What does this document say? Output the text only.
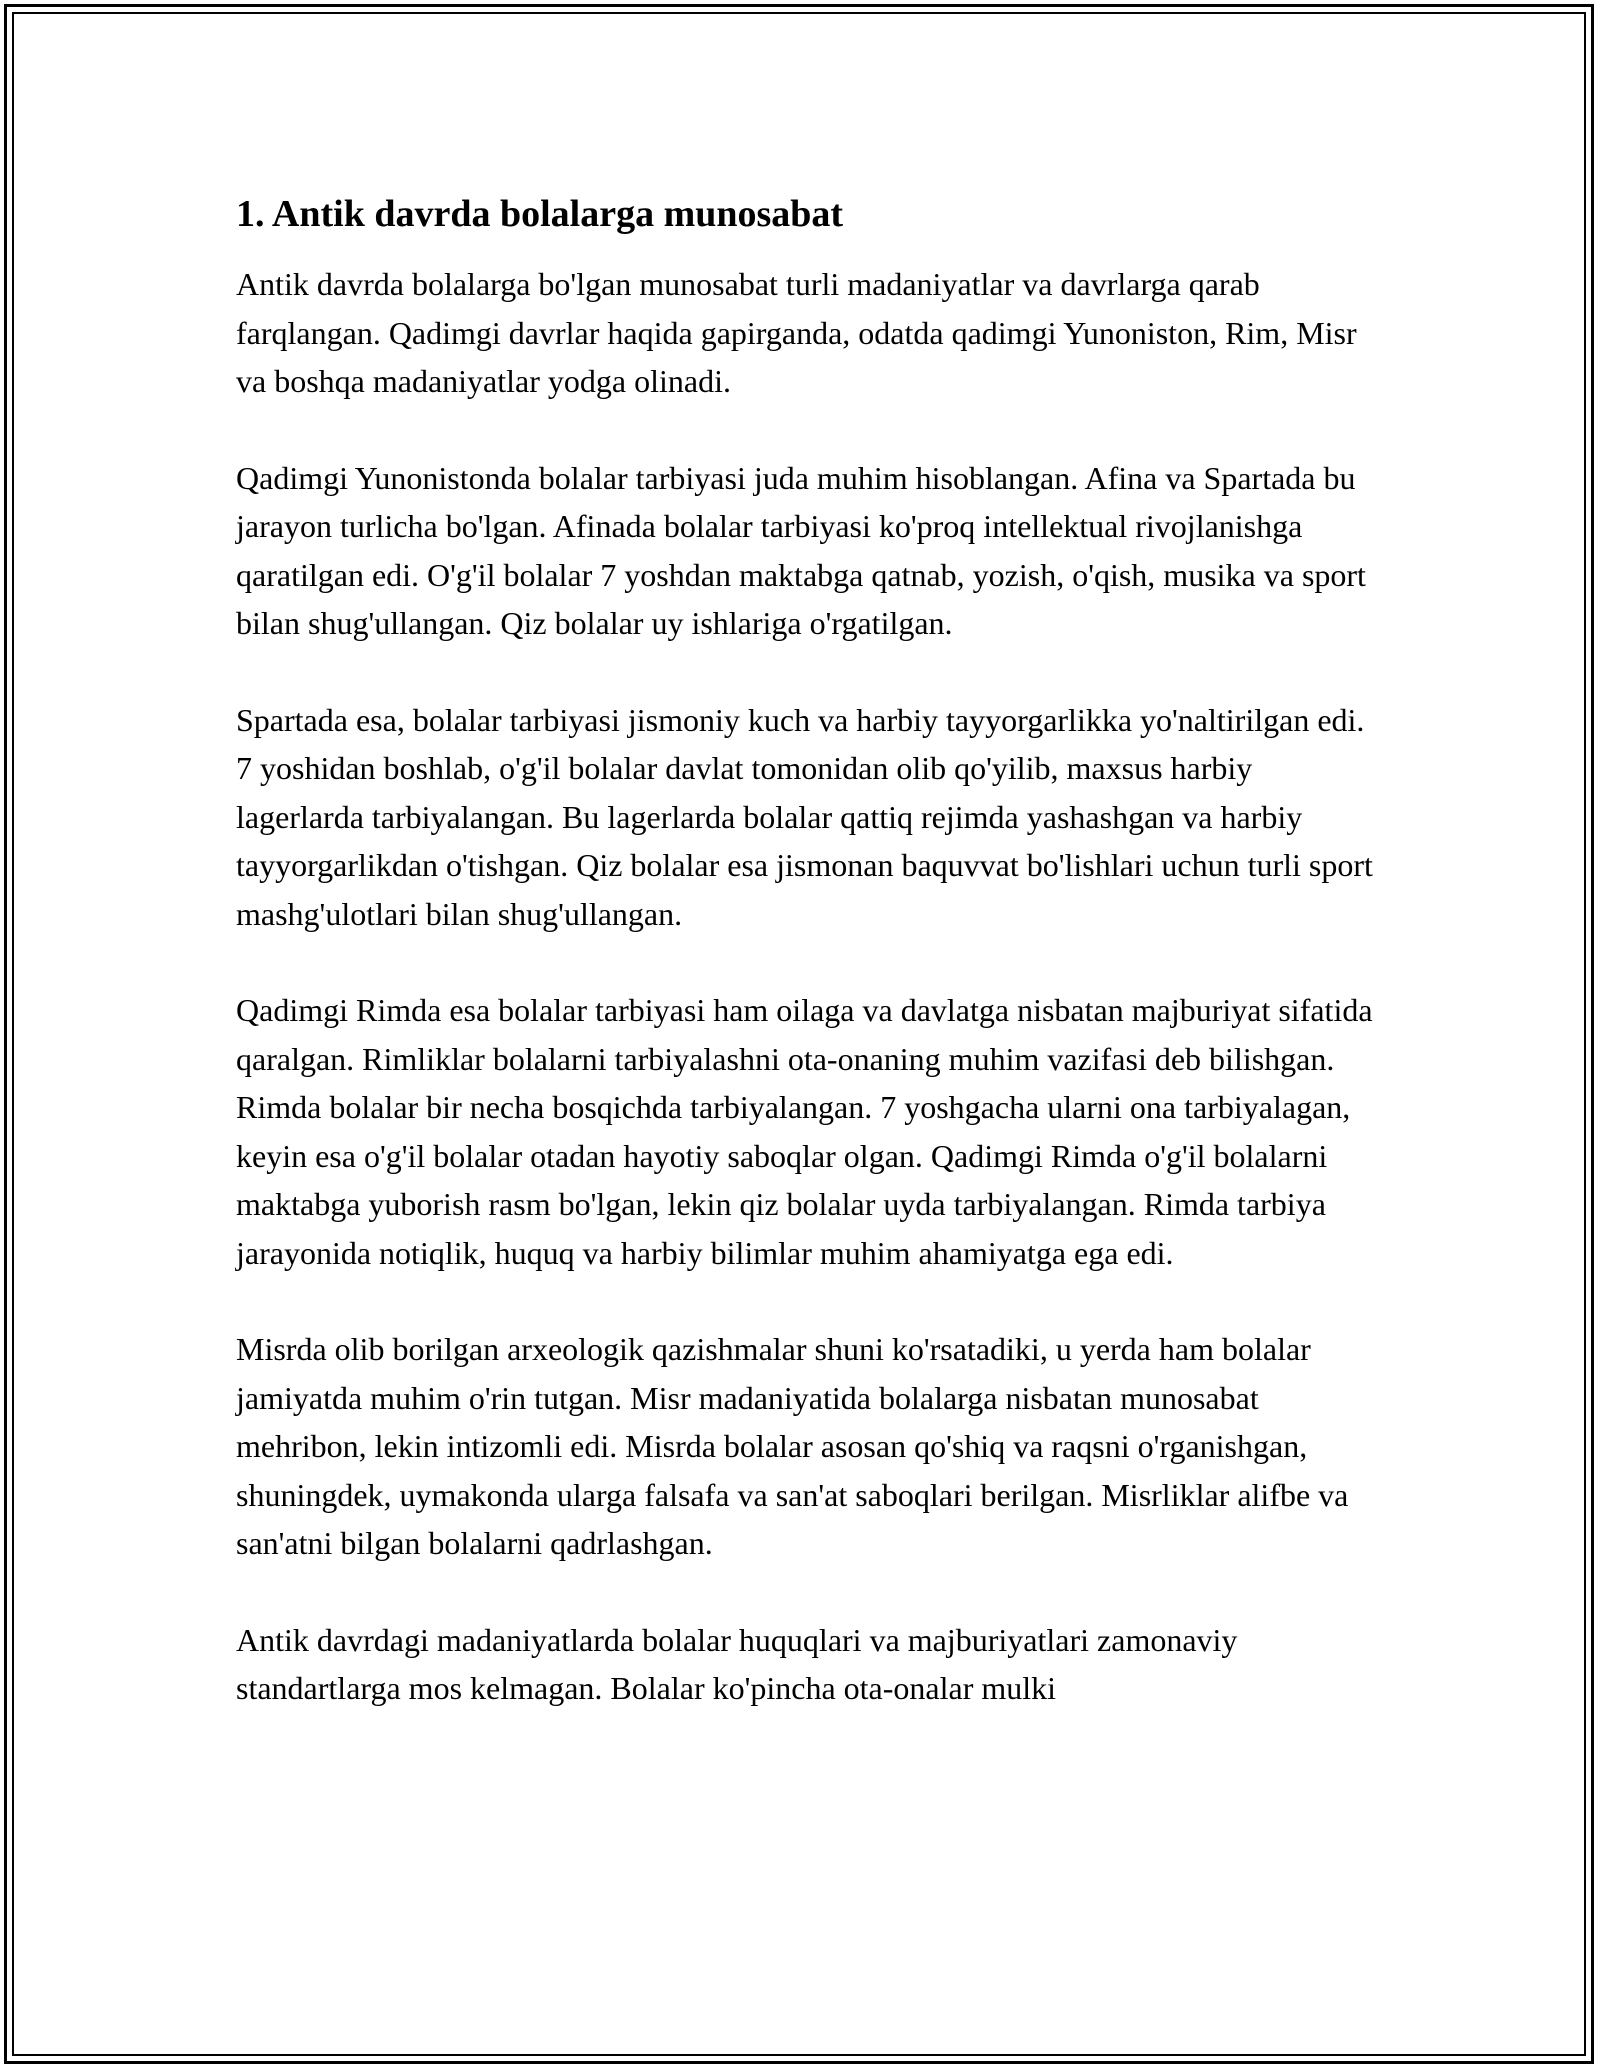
1. Antik davrda bolalarga munosabat

Antik davrda bolalarga bo'lgan munosabat turli madaniyatlar va davrlarga qarab farqlangan. Qadimgi davrlar haqida gapirganda, odatda qadimgi Yunoniston, Rim, Misr va boshqa madaniyatlar yodga olinadi.

Qadimgi Yunonistonda bolalar tarbiyasi juda muhim hisoblangan. Afina va Spartada bu jarayon turlicha bo'lgan. Afinada bolalar tarbiyasi ko'proq intellektual rivojlanishga qaratilgan edi. O'g'il bolalar 7 yoshdan maktabga qatnab, yozish, o'qish, musika va sport bilan shug'ullangan. Qiz bolalar uy ishlariga o'rgatilgan.

Spartada esa, bolalar tarbiyasi jismoniy kuch va harbiy tayyorgarlikka yo'naltirilgan edi. 7 yoshidan boshlab, o'g'il bolalar davlat tomonidan olib qo'yilib, maxsus harbiy lagerlarda tarbiyalangan. Bu lagerlarda bolalar qattiq rejimda yashashgan va harbiy tayyorgarlikdan o'tishgan. Qiz bolalar esa jismonan baquvvat bo'lishlari uchun turli sport mashg'ulotlari bilan shug'ullangan.

Qadimgi Rimda esa bolalar tarbiyasi ham oilaga va davlatga nisbatan majburiyat sifatida qaralgan. Rimliklar bolalarni tarbiyalashni ota-onaning muhim vazifasi deb bilishgan. Rimda bolalar bir necha bosqichda tarbiyalangan. 7 yoshgacha ularni ona tarbiyalagan, keyin esa o'g'il bolalar otadan hayotiy saboqlar olgan. Qadimgi Rimda o'g'il bolalarni maktabga yuborish rasm bo'lgan, lekin qiz bolalar uyda tarbiyalangan. Rimda tarbiya jarayonida notiqlik, huquq va harbiy bilimlar muhim ahamiyatga ega edi.

Misrda olib borilgan arxeologik qazishmalar shuni ko'rsatadiki, u yerda ham bolalar jamiyatda muhim o'rin tutgan. Misr madaniyatida bolalarga nisbatan munosabat mehribon, lekin intizomli edi. Misrda bolalar asosan qo'shiq va raqsni o'rganishgan, shuningdek, uymakonda ularga falsafa va san'at saboqlari berilgan. Misrliklar alifbe va san'atni bilgan bolalarni qadrlashgan.

Antik davrdagi madaniyatlarda bolalar huquqlari va majburiyatlari zamonaviy standartlarga mos kelmagan. Bolalar ko'pincha ota-onalar mulki
